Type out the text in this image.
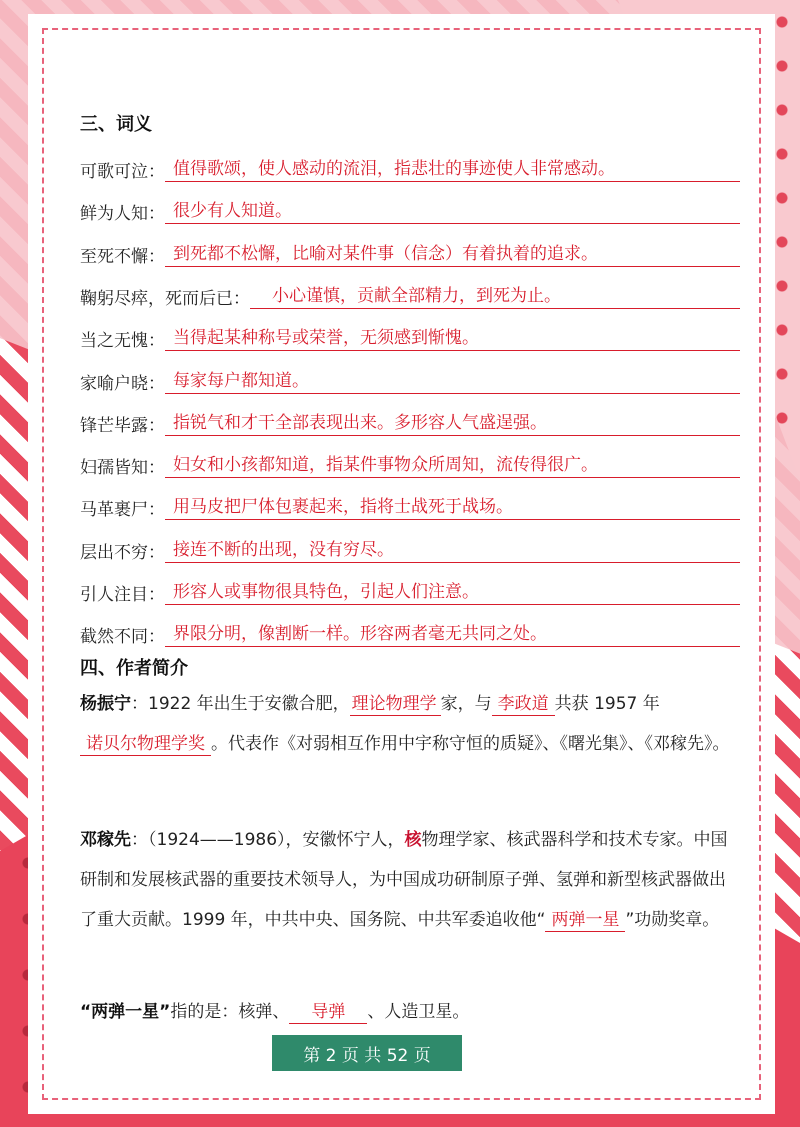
三、词义
可歌可泣： 值得歌颂，使人感动的流泪，指悲壮的事迹使人非常感动。
鲜为人知： 很少有人知道。
至死不懈： 到死都不松懈，比喻对某件事（信念）有着执着的追求。
鞠躬尽瘁，死而后已：	小心谨慎，贡献全部精力，到死为止。
当之无愧： 当得起某种称号或荣誉，无须感到惭愧。
家喻户晓： 每家每户都知道。
锋芒毕露： 指锐气和才干全部表现出来。多形容人气盛逞强。
妇孺皆知： 妇女和小孩都知道，指某件事物众所周知，流传得很广。
马革裹尸： 用马皮把尸体包裹起来，指将士战死于战场。
层出不穷： 接连不断的出现，没有穷尽。
引人注目： 形容人或事物很具特色，引起人们注意。
截然不同： 界限分明，像割断一样。形容两者毫无共同之处。
四、作者简介
杨振宁：1922 年出生于安徽合肥， 理论物理学 家，与 李政道 共获 1957 年
诺贝尔物理学奖 。代表作《对弱相互作用中宇称守恒的质疑》、《曙光集》、《邓稼先》。
邓稼先：（1924——1986），安徽怀宁人，核物理学家、核武器科学和技术专家。中国研制和发展核武器的重要技术领导人，为中国成功研制原子弹、氢弹和新型核武器做出了重大贡献。1999 年，中共中央、国务院、中共军委追收他“ 两弹一星 ”功勋奖章。
“两弹一星”指的是：核弹、 导弹 、人造卫星。
第 2 页 共 52 页
